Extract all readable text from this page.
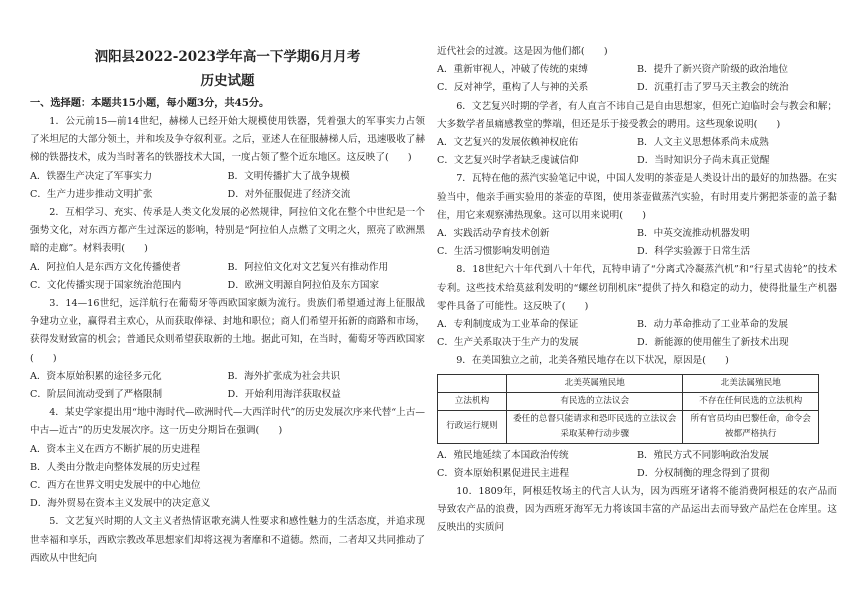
泗阳县2022-2023学年高一下学期6月月考
历史试题
一、选择题：本题共15小题，每小题3分，共45分。

1．公元前15—前14世纪，赫梯人已经开始大规模使用铁器，凭着强大的军事实力占领了米坦尼的大部分领土，并和埃及争夺叙利亚。之后，亚述人在征服赫梯人后，迅速吸收了赫梯的铁器技术，成为当时著名的铁器技术大国，一度占领了整个近东地区。这反映了(　　)

A．铁器生产决定了军事实力	B．文明传播扩大了战争规模
C．生产力进步推动文明扩张	D．对外征服促进了经济交流

2．互相学习、充实、传承是人类文化发展的必然规律，阿拉伯文化在整个中世纪是一个强势文化，对东西方都产生过深远的影响，特别是“阿拉伯人点燃了文明之火，照亮了欧洲黑暗的走廊”。材料表明(　　)

A．阿拉伯人是东西方文化传播使者	B．阿拉伯文化对文艺复兴有推动作用
C．文化传播实现于国家统治范围内	D．欧洲文明源自阿拉伯及东方国家

3．14—16世纪，远洋航行在葡萄牙等西欧国家颇为流行。贵族们希望通过海上征服战争建功立业，赢得君主欢心，从而获取俸禄、封地和职位；商人们希望开拓新的商路和市场，获得发财致富的机会；普通民众则希望获取新的土地。据此可知，在当时，葡萄牙等西欧国家(　　)

A．资本原始积累的途径多元化	B．海外扩张成为社会共识
C．阶层间流动受到了严格限制	D．开始利用海洋获取权益

4．某史学家提出用“地中海时代—欧洲时代—大西洋时代”的历史发展次序来代替“上古—中古—近古”的历史发展次序。这一历史分期旨在强调(　　)

A．资本主义在西方不断扩展的历史进程
B．人类由分散走向整体发展的历史过程
C．西方在世界文明史发展中的中心地位
D．海外贸易在资本主义发展中的决定意义

5．文艺复兴时期的人文主义者热情讴歌充满人性要求和感性魅力的生活态度，并追求现世幸福和享乐，西欧宗教改革思想家们却将这视为奢靡和不道德。然而，二者却又共同推动了西欧从中世纪向

近代社会的过渡。这是因为他们都(　　)

A．重新审视人，冲破了传统的束缚	B．提升了新兴资产阶级的政治地位
C．反对神学，重构了人与神的关系	D．沉重打击了罗马天主教会的统治

6．文艺复兴时期的学者，有人直言不讳自己是自由思想家，但死亡迫临时会与教会和解；大多数学者虽痛感教堂的弊端，但还是乐于接受教会的聘用。这些现象说明(　　)

A．文艺复兴的发展依赖神权庇佑	B．人文主义思想体系尚未成熟
C．文艺复兴时学者缺乏虔诚信仰	D．当时知识分子尚未真正觉醒

7．瓦特在他的蒸汽实验笔记中说，中国人发明的茶壶是人类设计出的最好的加热器。在实验当中，他亲手画实验用的茶壶的草图，使用茶壶做蒸汽实验，有时用麦片粥把茶壶的盖子黏住，用它来观察沸热现象。这可以用来说明(　　)

A．实践活动孕育技术创新	B．中英交流推动机器发明
C．生活习惯影响发明创造	D．科学实验源于日常生活

8．18世纪六十年代到八十年代，瓦特申请了“分离式冷凝蒸汽机”和“行星式齿轮”的技术专利。这些技术给莫兹利发明的“螺丝切削机床”提供了持久和稳定的动力，使得批量生产机器零件具备了可能性。这反映了(　　)

A．专利制度成为工业革命的保证	B．动力革命推动了工业革命的发展
C．生产关系取决于生产力的发展	D．新能源的使用催生了新技术出现

9．在美国独立之前，北美各殖民地存在以下状况，原因是(　　)

	北美英属殖民地	北美法属殖民地
立法机构	有民选的立法议会	不存在任何民选的立法机构
行政运行规则	委任的总督只能请求和恐吓民选的立法议会采取某种行动步骤	所有官员均由巴黎任命，命令会被都严格执行
A．殖民地延续了本国政治传统	B．殖民方式不同影响政治发展
C．资本原始积累促进民主进程	D．分权制衡的理念得到了贯彻

10．1809年，阿根廷牧场主的代言人认为，因为西班牙诸将不能消费阿根廷的农产品而导致农产品的浪费，因为西班牙海军无力将该国丰富的产品运出去而导致产品烂在仓库里。这反映出的实质问
